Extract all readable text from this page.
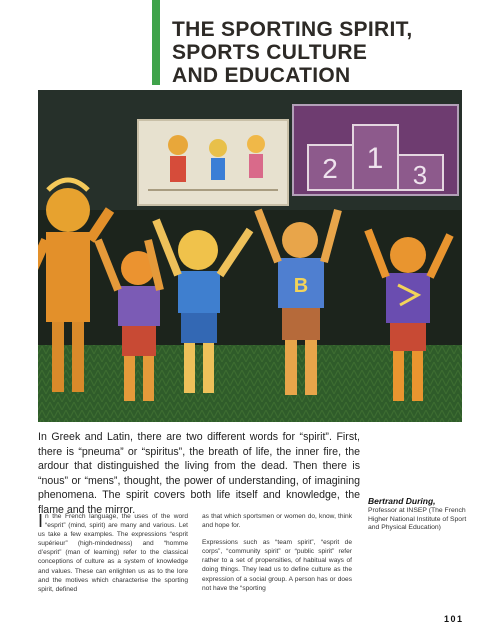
THE SPORTING SPIRIT,
SPORTS CULTURE
AND EDUCATION
2 1 3
B

In Greek and Latin, there are two different words for “spirit”. First, there is “pneuma” or “spiritus”, the breath of life, the inner fire, the ardour that distinguished the living from the dead. Then there is “nous” or “mens”, thought, the power of understanding, of imagining phenomena. The spirit covers both life itself and knowledge, the flame and the mirror.

In the French language, the uses of the word “esprit” (mind, spirit) are many and various. Let us take a few examples. The expressions “esprit supérieur” (high-mindedness) and “homme d’esprit” (man of learning) refer to the classical conceptions of culture as a system of knowledge and values. These can enlighten us as to the lore and the motives which characterise the sporting spirit, defined

as that which sportsmen or women do, know, think and hope for.

Expressions such as “team spirit”, “esprit de corps”, “community spirit” or “public spirit” refer rather to a set of propensities, of habitual ways of doing things. They lead us to define culture as the expression of a social group. A person has or does not have the “sporting

Bertrand During,
Professor at INSEP (The French Higher National Institute of Sport and Physical Education)
101
